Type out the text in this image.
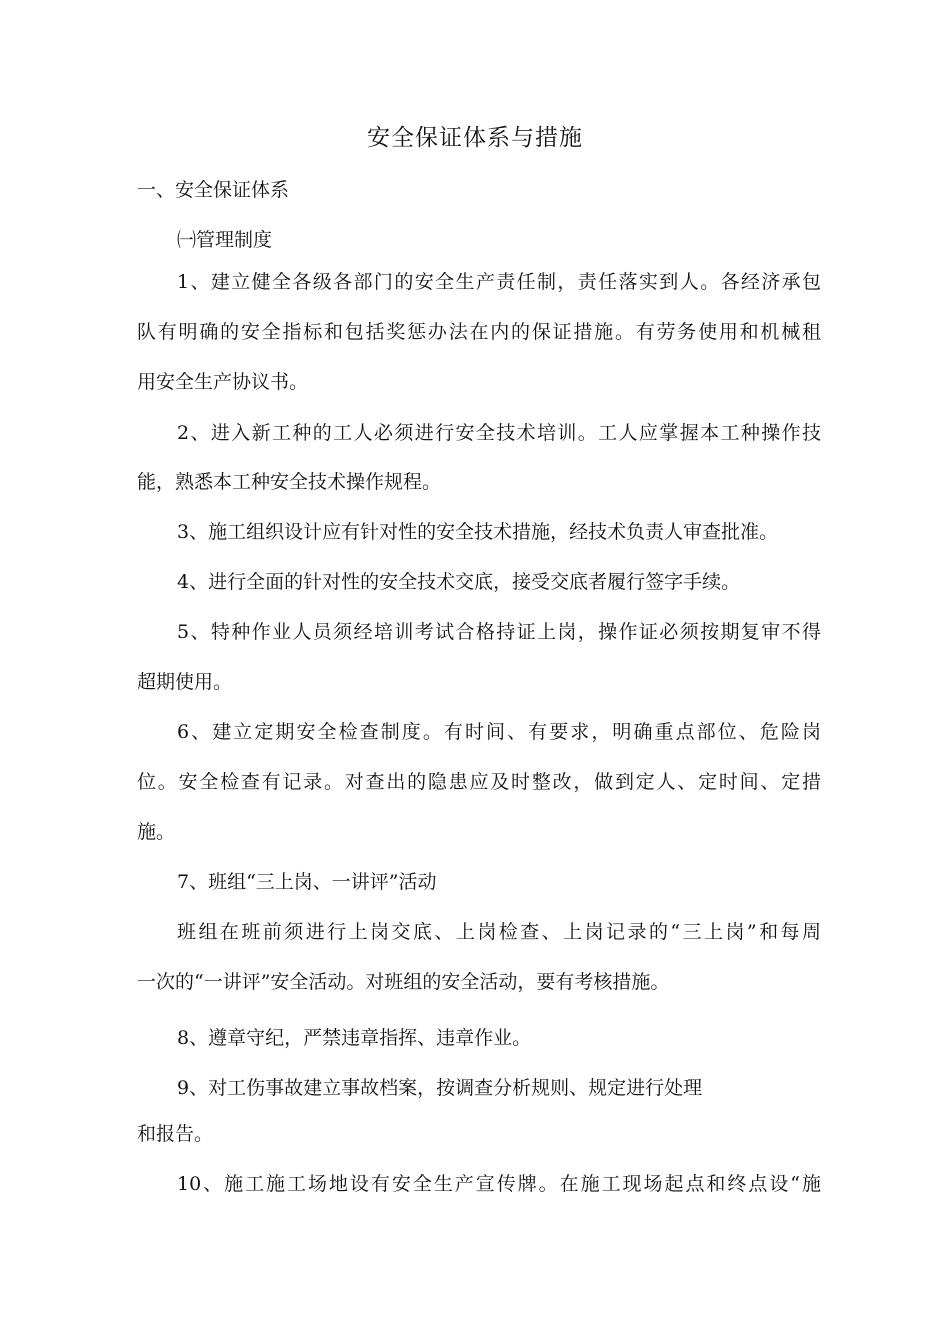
安全保证体系与措施
一、安全保证体系
㈠管理制度
1、建立健全各级各部门的安全生产责任制，责任落实到人。各经济承包
队有明确的安全指标和包括奖惩办法在内的保证措施。有劳务使用和机械租
用安全生产协议书。
2、进入新工种的工人必须进行安全技术培训。工人应掌握本工种操作技
能，熟悉本工种安全技术操作规程。
3、施工组织设计应有针对性的安全技术措施，经技术负责人审查批准。
4、进行全面的针对性的安全技术交底，接受交底者履行签字手续。
5、特种作业人员须经培训考试合格持证上岗，操作证必须按期复审不得
超期使用。
6、建立定期安全检查制度。有时间、有要求，明确重点部位、危险岗
位。安全检查有记录。对查出的隐患应及时整改，做到定人、定时间、定措
施。
7、班组“三上岗、一讲评”活动
班组在班前须进行上岗交底、上岗检查、上岗记录的“三上岗”和每周
一次的“一讲评”安全活动。对班组的安全活动，要有考核措施。
8、遵章守纪，严禁违章指挥、违章作业。
9、对工伤事故建立事故档案，按调查分析规则、规定进行处理
和报告。
10、施工施工场地设有安全生产宣传牌。在施工现场起点和终点设“施
